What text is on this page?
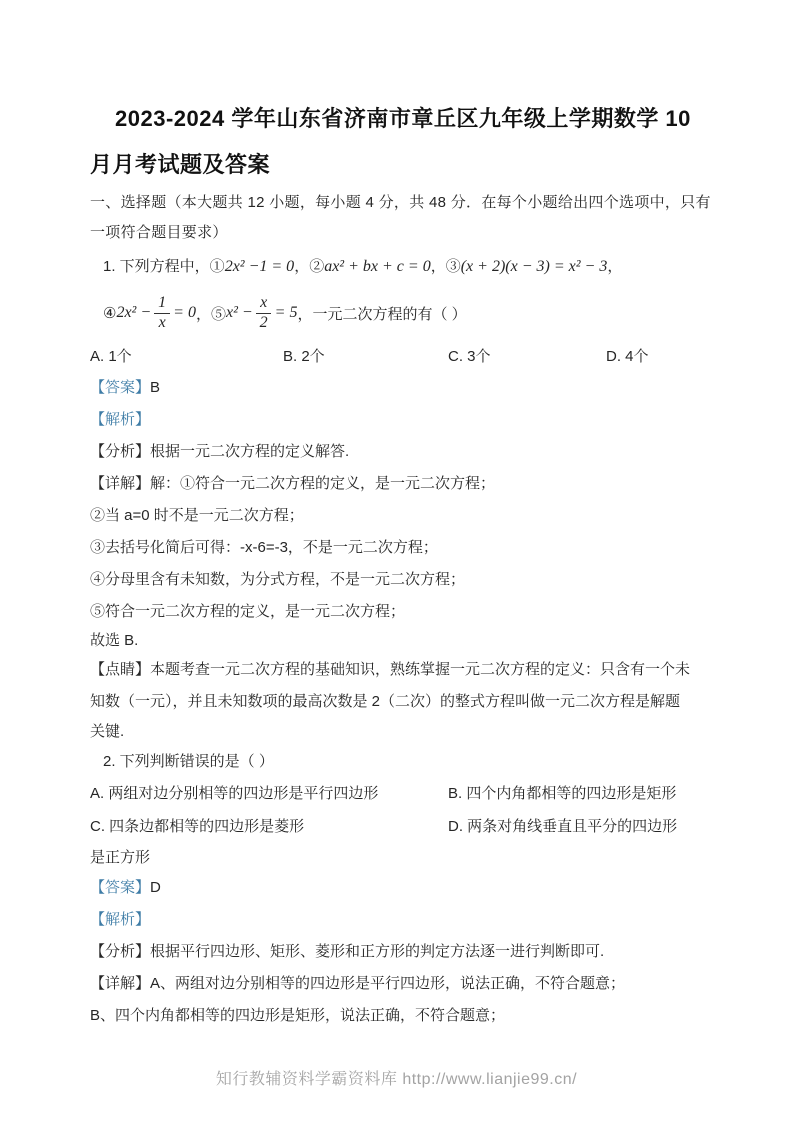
2023-2024 学年山东省济南市章丘区九年级上学期数学 10
月月考试题及答案
一、选择题（本大题共 12 小题，每小题 4 分，共 48 分．在每个小题给出四个选项中，只有
一项符合题目要求）
1. 下列方程中，① 2x² −1 = 0 ，② ax² + bx + c = 0 ，③ (x + 2)(x − 3) = x² − 3 ，
④ $2x^2 - \frac{1}{x} = 0$ ，⑤ $x^2 - \frac{x}{2} = 5$ ，一元二次方程的有（ ）
A. 1个	B. 2个	C. 3个	D. 4个
【答案】B
【解析】
【分析】根据一元二次方程的定义解答.
【详解】解：①符合一元二次方程的定义，是一元二次方程；
②当 a=0 时不是一元二次方程；
③去括号化简后可得：-x-6=-3，不是一元二次方程；
④分母里含有未知数，为分式方程，不是一元二次方程；
⑤符合一元二次方程的定义，是一元二次方程；
故选 B.
【点睛】本题考查一元二次方程的基础知识，熟练掌握一元二次方程的定义：只含有一个未
知数（一元），并且未知数项的最高次数是 2（二次）的整式方程叫做一元二次方程是解题
关键.
2. 下列判断错误的是（ ）
A. 两组对边分别相等的四边形是平行四边形	B. 四个内角都相等的四边形是矩形
C. 四条边都相等的四边形是菱形	D. 两条对角线垂直且平分的四边形
是正方形
【答案】D
【解析】
【分析】根据平行四边形、矩形、菱形和正方形的判定方法逐一进行判断即可.
【详解】A、两组对边分别相等的四边形是平行四边形，说法正确，不符合题意；
B、四个内角都相等的四边形是矩形，说法正确，不符合题意；
知行教辅资料学霸资料库 http://www.lianjie99.cn/
